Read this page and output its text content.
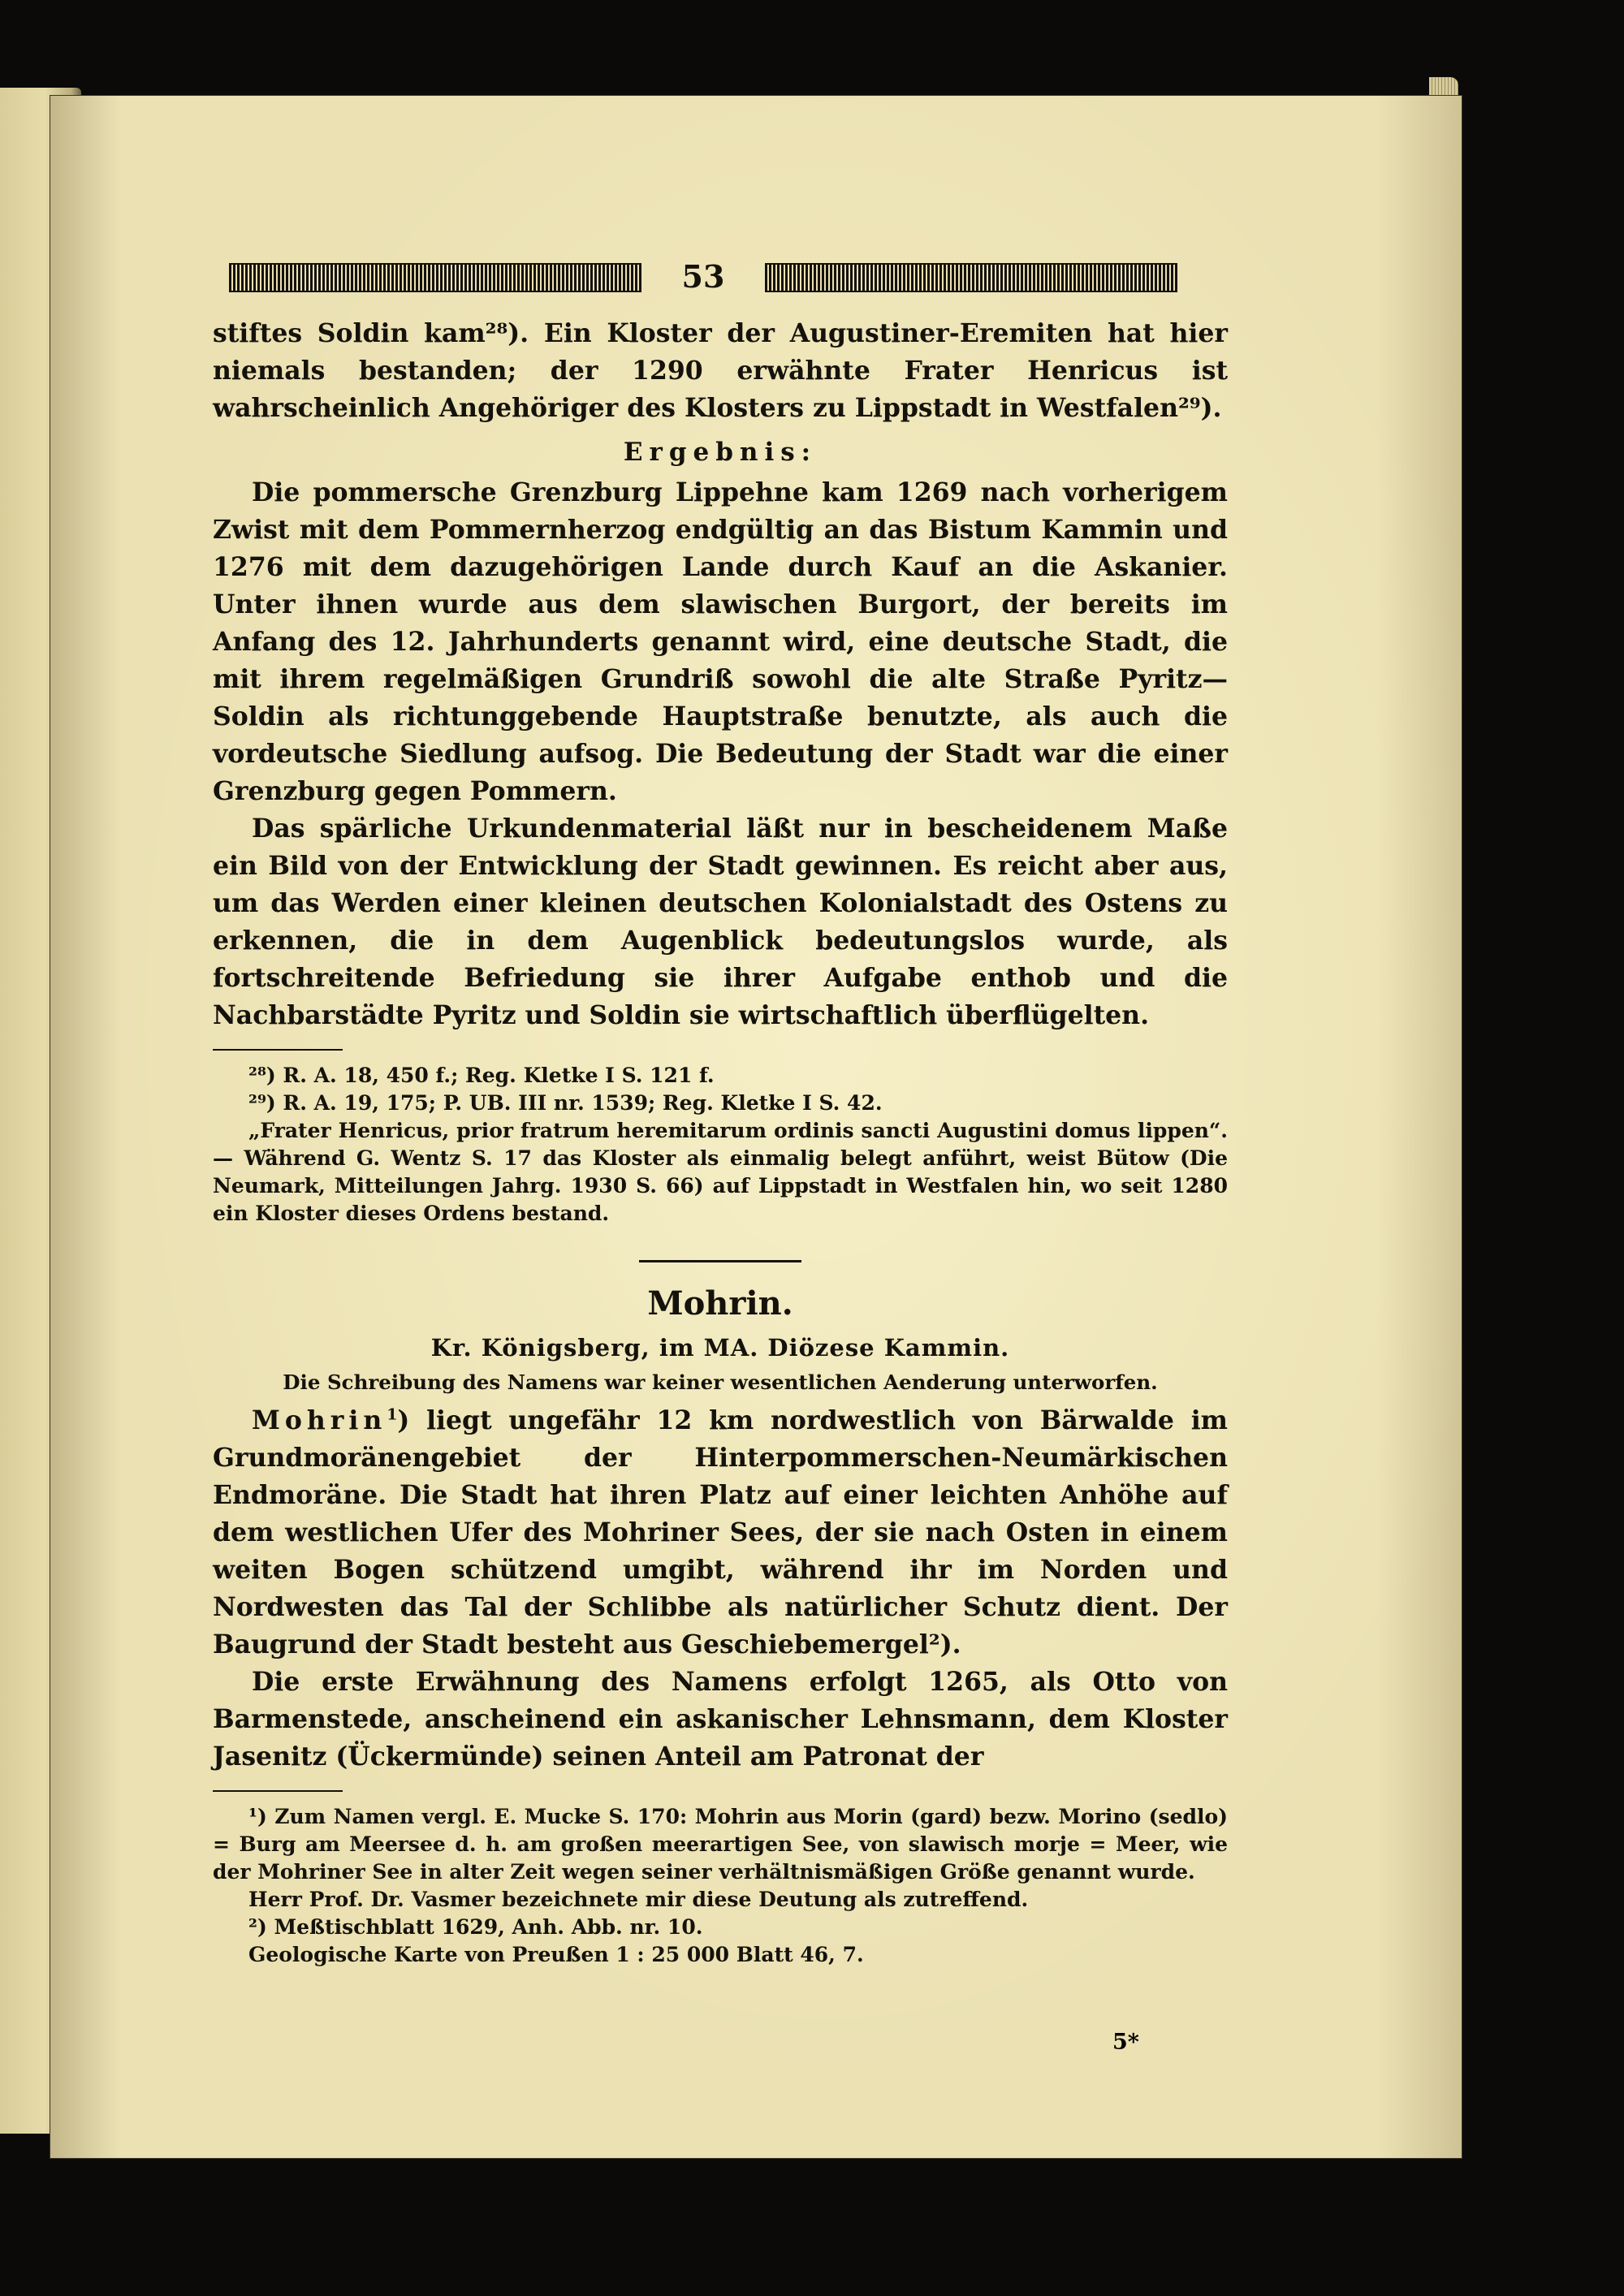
53

stiftes Soldin kam²⁸). Ein Kloster der Augustiner-Eremiten hat hier niemals bestanden; der 1290 erwähnte Frater Henricus ist wahrscheinlich Angehöriger des Klosters zu Lippstadt in Westfalen²⁹).

Ergebnis:

Die pommersche Grenzburg Lippehne kam 1269 nach vorherigem Zwist mit dem Pommernherzog endgültig an das Bistum Kammin und 1276 mit dem dazugehörigen Lande durch Kauf an die Askanier. Unter ihnen wurde aus dem slawischen Burgort, der bereits im Anfang des 12. Jahrhunderts genannt wird, eine deutsche Stadt, die mit ihrem regelmäßigen Grundriß sowohl die alte Straße Pyritz—Soldin als richtunggebende Hauptstraße benutzte, als auch die vordeutsche Siedlung aufsog. Die Bedeutung der Stadt war die einer Grenzburg gegen Pommern.

Das spärliche Urkundenmaterial läßt nur in bescheidenem Maße ein Bild von der Entwicklung der Stadt gewinnen. Es reicht aber aus, um das Werden einer kleinen deutschen Kolonialstadt des Ostens zu erkennen, die in dem Augenblick bedeutungslos wurde, als fortschreitende Befriedung sie ihrer Aufgabe enthob und die Nachbarstädte Pyritz und Soldin sie wirtschaftlich überflügelten.

²⁸) R. A. 18, 450 f.; Reg. Kletke I S. 121 f.

²⁹) R. A. 19, 175; P. UB. III nr. 1539; Reg. Kletke I S. 42.

„Frater Henricus, prior fratrum heremitarum ordinis sancti Augustini domus lippen“. — Während G. Wentz S. 17 das Kloster als einmalig belegt anführt, weist Bütow (Die Neumark, Mitteilungen Jahrg. 1930 S. 66) auf Lippstadt in Westfalen hin, wo seit 1280 ein Kloster dieses Ordens bestand.

Mohrin.
Kr. Königsberg, im MA. Diözese Kammin.
Die Schreibung des Namens war keiner wesentlichen Aenderung unterworfen.

Mohrin$^1$) liegt ungefähr 12 km nordwestlich von Bärwalde im Grundmoränengebiet der Hinterpommerschen-Neumärkischen Endmoräne. Die Stadt hat ihren Platz auf einer leichten Anhöhe auf dem westlichen Ufer des Mohriner Sees, der sie nach Osten in einem weiten Bogen schützend umgibt, während ihr im Norden und Nordwesten das Tal der Schlibbe als natürlicher Schutz dient. Der Baugrund der Stadt besteht aus Geschiebemergel²).

Die erste Erwähnung des Namens erfolgt 1265, als Otto von Barmenstede, anscheinend ein askanischer Lehnsmann, dem Kloster Jasenitz (Ückermünde) seinen Anteil am Patronat der

¹) Zum Namen vergl. E. Mucke S. 170: Mohrin aus Morin (gard) bezw. Morino (sedlo) = Burg am Meersee d. h. am großen meerartigen See, von slawisch morje = Meer, wie der Mohriner See in alter Zeit wegen seiner verhältnismäßigen Größe genannt wurde.

Herr Prof. Dr. Vasmer bezeichnete mir diese Deutung als zutreffend.

²) Meßtischblatt 1629, Anh. Abb. nr. 10.

Geologische Karte von Preußen 1 : 25 000 Blatt 46, 7.

5*
